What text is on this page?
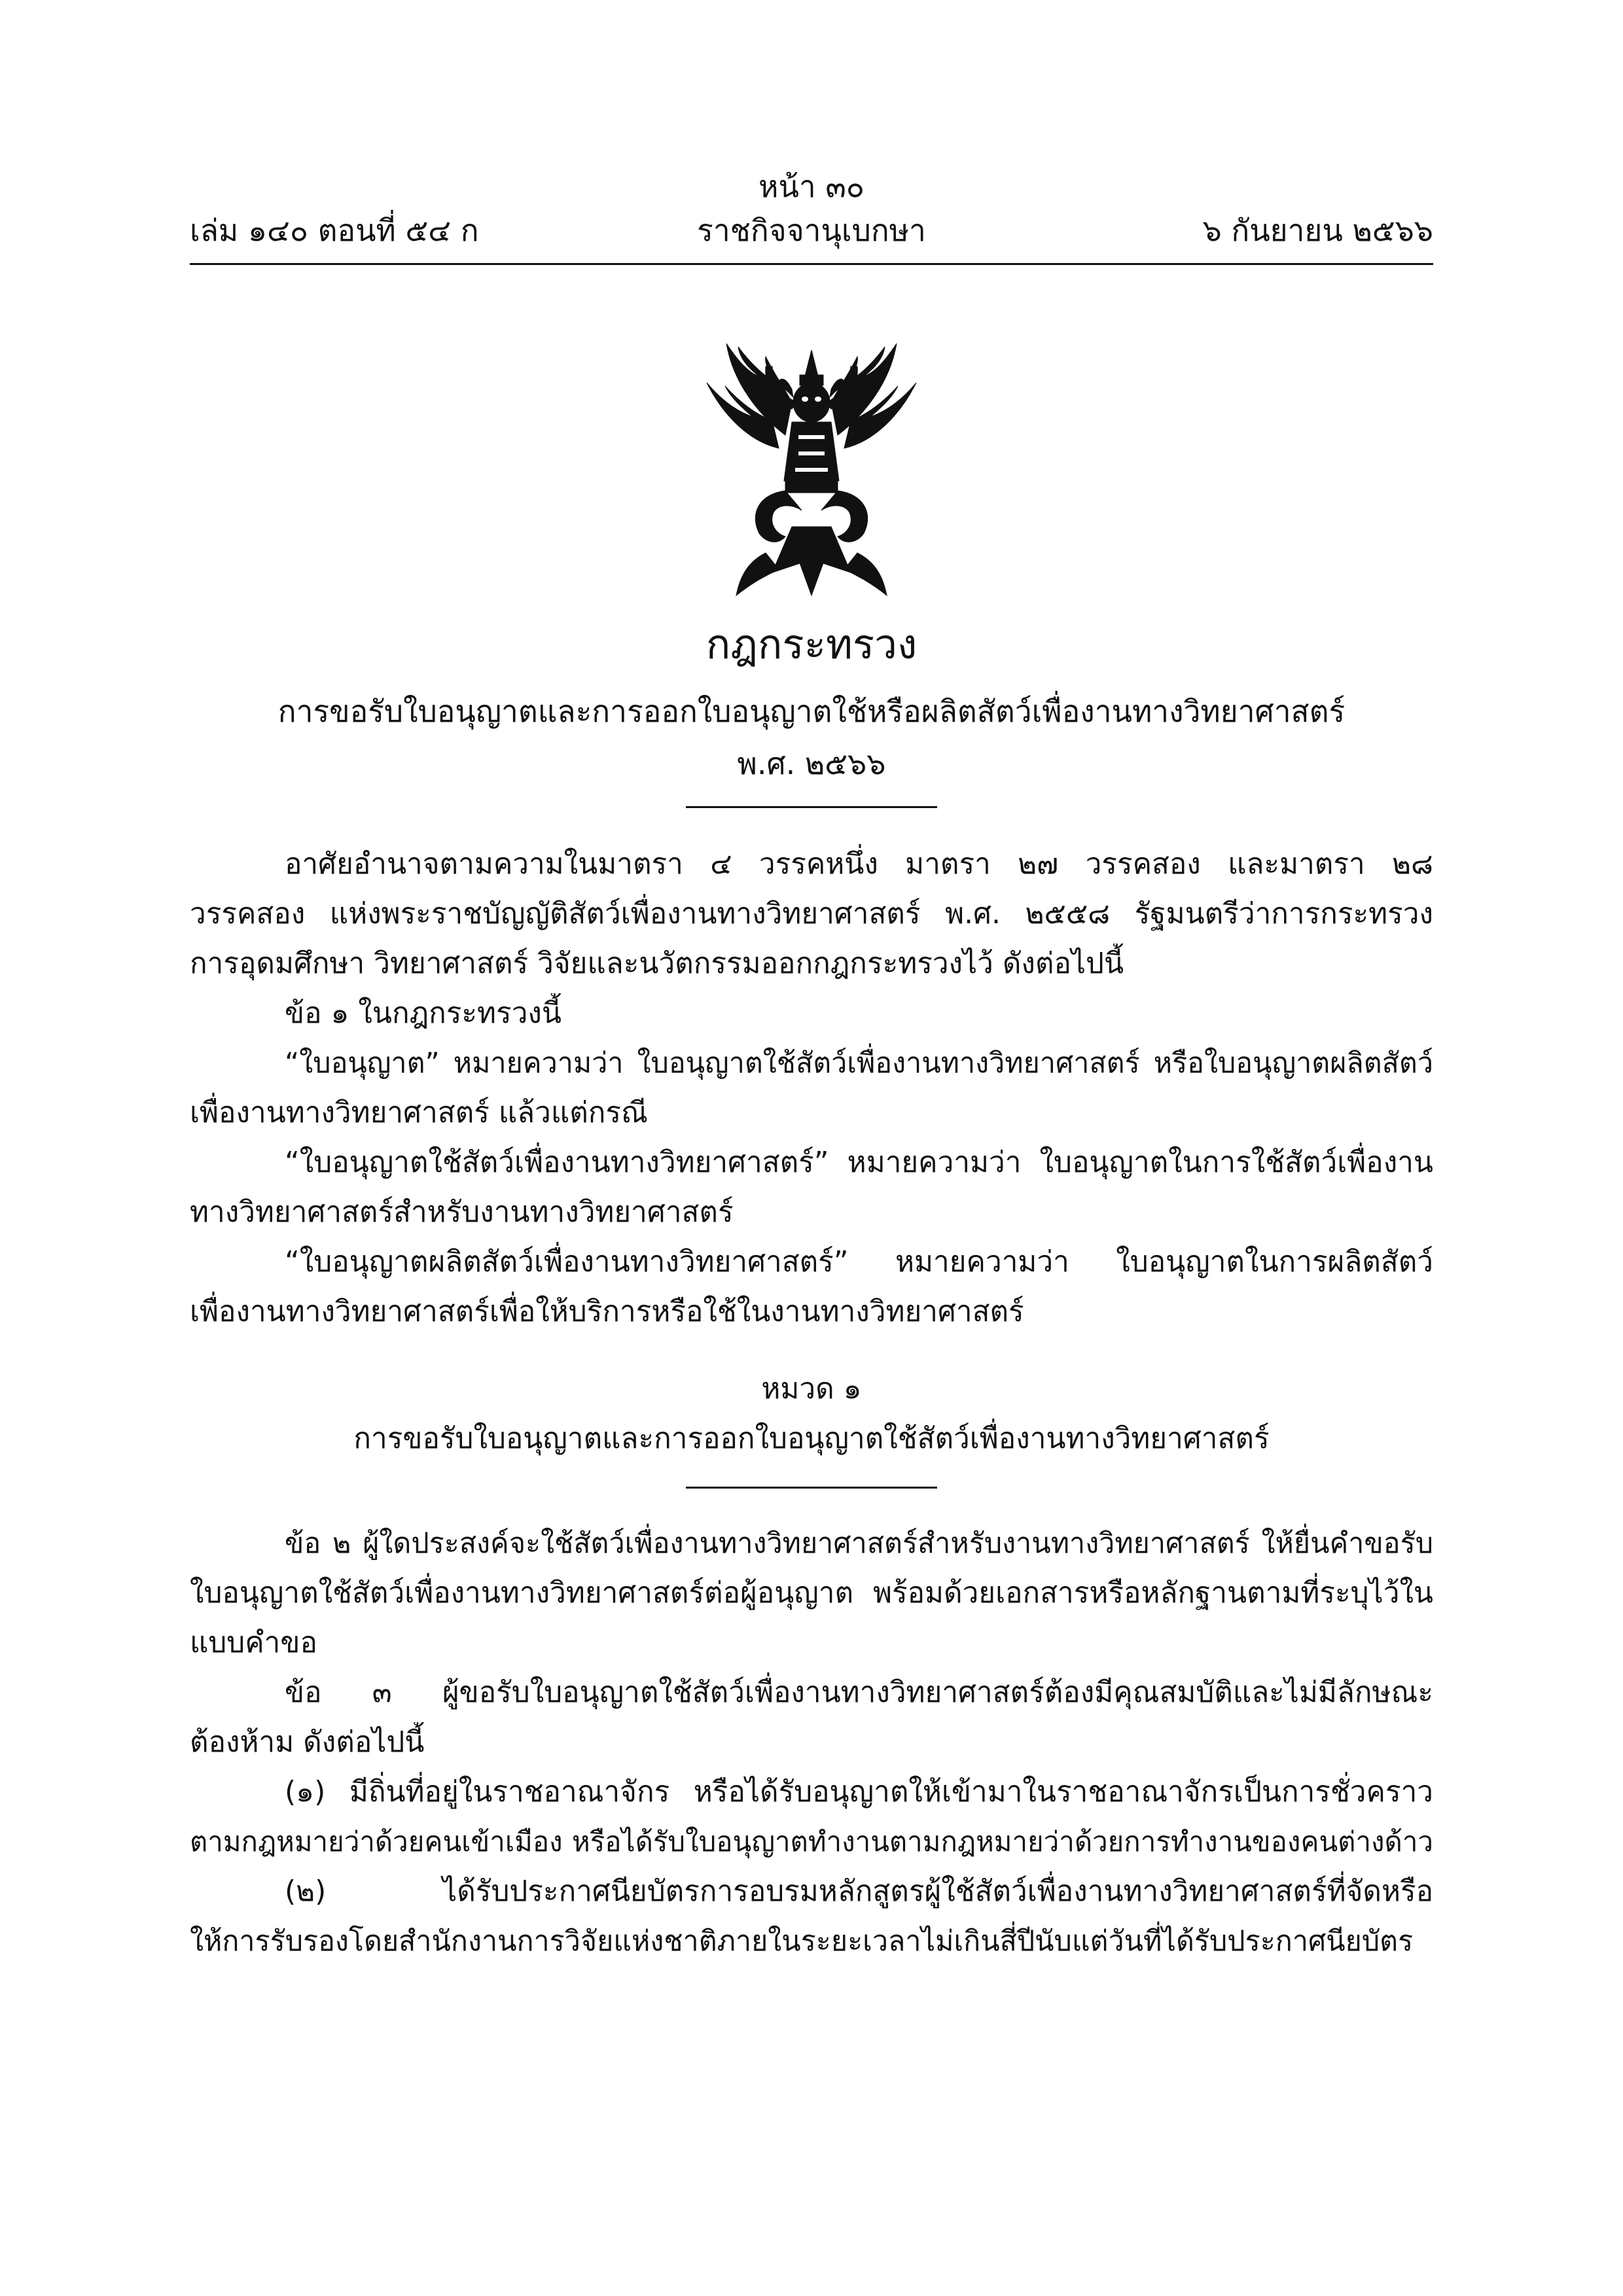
หน้า ๓๐
ราชกิจจานุเบกษา
เล่ม ๑๔๐ ตอนที่ ๕๔ ก	๖ กันยายน ๒๕๖๖
กฎกระทรวง
การขอรับใบอนุญาตและการออกใบอนุญาตใช้หรือผลิตสัตว์เพื่องานทางวิทยาศาสตร์
พ.ศ. ๒๕๖๖
อาศัยอำนาจตามความในมาตรา ๔ วรรคหนึ่ง มาตรา ๒๗ วรรคสอง และมาตรา ๒๘
วรรคสอง แห่งพระราชบัญญัติสัตว์เพื่องานทางวิทยาศาสตร์ พ.ศ. ๒๕๕๘ รัฐมนตรีว่าการกระทรวง
การอุดมศึกษา วิทยาศาสตร์ วิจัยและนวัตกรรมออกกฎกระทรวงไว้ ดังต่อไปนี้
ข้อ ๑ ในกฎกระทรวงนี้
“ใบอนุญาต” หมายความว่า ใบอนุญาตใช้สัตว์เพื่องานทางวิทยาศาสตร์ หรือใบอนุญาตผลิตสัตว์
เพื่องานทางวิทยาศาสตร์ แล้วแต่กรณี
“ใบอนุญาตใช้สัตว์เพื่องานทางวิทยาศาสตร์” หมายความว่า ใบอนุญาตในการใช้สัตว์เพื่องาน
ทางวิทยาศาสตร์สำหรับงานทางวิทยาศาสตร์
“ใบอนุญาตผลิตสัตว์เพื่องานทางวิทยาศาสตร์” หมายความว่า ใบอนุญาตในการผลิตสัตว์
เพื่องานทางวิทยาศาสตร์เพื่อให้บริการหรือใช้ในงานทางวิทยาศาสตร์
หมวด ๑
การขอรับใบอนุญาตและการออกใบอนุญาตใช้สัตว์เพื่องานทางวิทยาศาสตร์
ข้อ ๒ ผู้ใดประสงค์จะใช้สัตว์เพื่องานทางวิทยาศาสตร์สำหรับงานทางวิทยาศาสตร์ ให้ยื่นคำขอรับ
ใบอนุญาตใช้สัตว์เพื่องานทางวิทยาศาสตร์ต่อผู้อนุญาต พร้อมด้วยเอกสารหรือหลักฐานตามที่ระบุไว้ใน
แบบคำขอ
ข้อ ๓ ผู้ขอรับใบอนุญาตใช้สัตว์เพื่องานทางวิทยาศาสตร์ต้องมีคุณสมบัติและไม่มีลักษณะ
ต้องห้าม ดังต่อไปนี้
(๑) มีถิ่นที่อยู่ในราชอาณาจักร หรือได้รับอนุญาตให้เข้ามาในราชอาณาจักรเป็นการชั่วคราว
ตามกฎหมายว่าด้วยคนเข้าเมือง หรือได้รับใบอนุญาตทำงานตามกฎหมายว่าด้วยการทำงานของคนต่างด้าว
(๒) ได้รับประกาศนียบัตรการอบรมหลักสูตรผู้ใช้สัตว์เพื่องานทางวิทยาศาสตร์ที่จัดหรือ
ให้การรับรองโดยสำนักงานการวิจัยแห่งชาติภายในระยะเวลาไม่เกินสี่ปีนับแต่วันที่ได้รับประกาศนียบัตร
